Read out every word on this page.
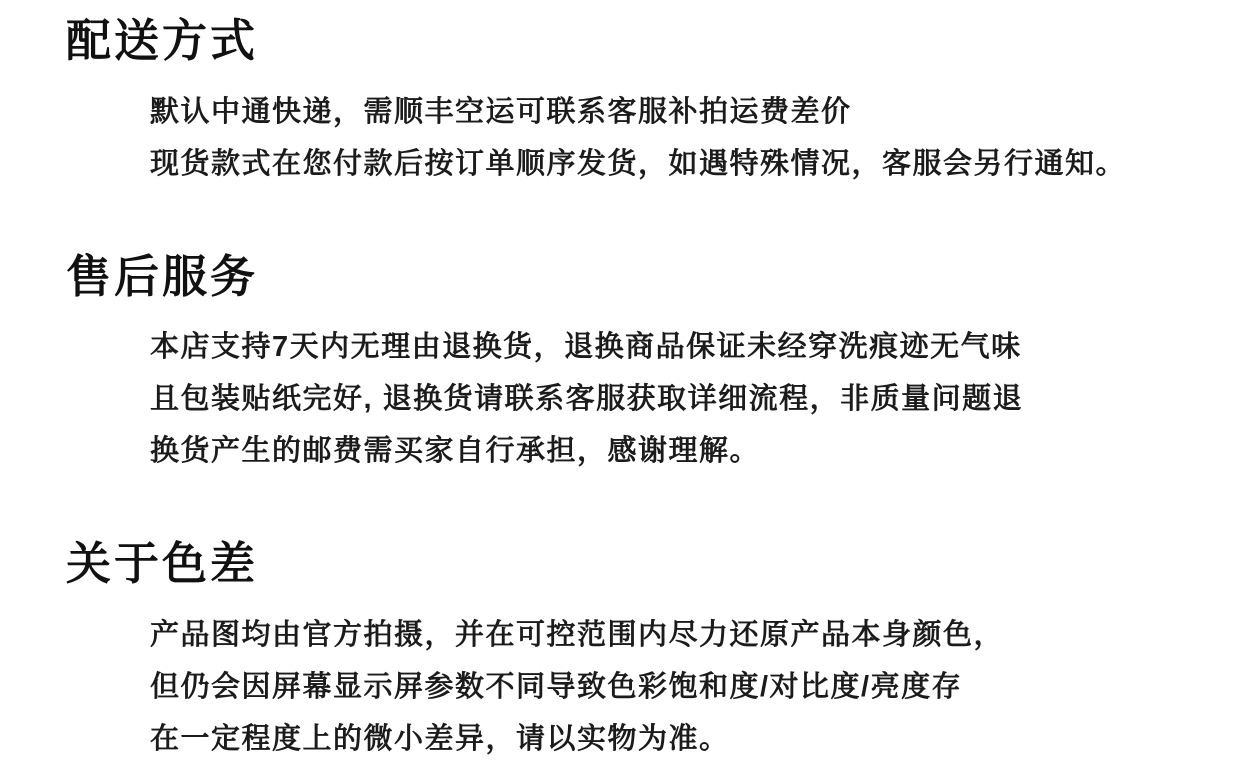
配送方式

默认中通快递，需顺丰空运可联系客服补拍运费差价

现货款式在您付款后按订单顺序发货，如遇特殊情况，客服会另行通知。

售后服务

本店支持7天内无理由退换货，退换商品保证未经穿洗痕迹无气味

且包装贴纸完好, 退换货请联系客服获取详细流程，非质量问题退

换货产生的邮费需买家自行承担，感谢理解。

关于色差

产品图均由官方拍摄，并在可控范围内尽力还原产品本身颜色，

但仍会因屏幕显示屏参数不同导致色彩饱和度/对比度/亮度存

在一定程度上的微小差异，请以实物为准。
